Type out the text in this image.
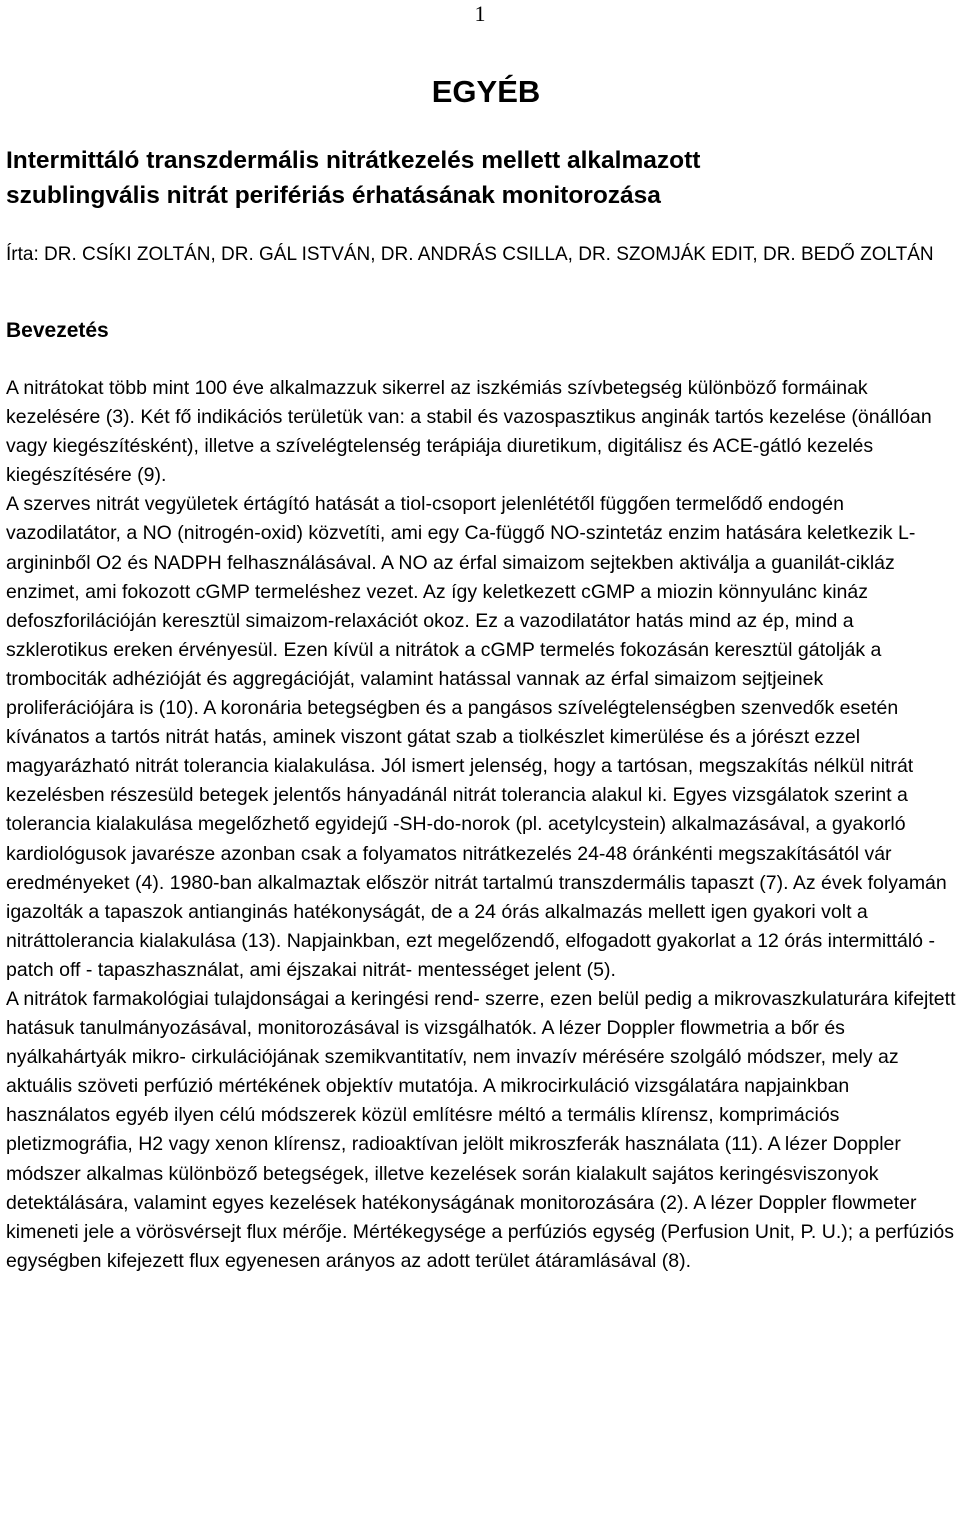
1
EGYÉB
Intermittáló transzdermális nitrátkezelés mellett alkalmazott
szublingvális nitrát perifériás érhatásának monitorozása
Írta: DR. CSÍKI ZOLTÁN, DR. GÁL ISTVÁN, DR. ANDRÁS CSILLA, DR. SZOMJÁK EDIT, DR. BEDŐ ZOLTÁN
Bevezetés

A nitrátokat több mint 100 éve alkalmazzuk sikerrel az iszkémiás szívbetegség különböző formáinak kezelésére (3). Két fő indikációs területük van: a stabil és vazospasztikus anginák tartós kezelése (önállóan vagy kiegészítésként), illetve a szívelégtelenség terápiája diuretikum, digitálisz és ACE-gátló kezelés kiegészítésére (9).

A szerves nitrát vegyületek értágító hatását a tiol-csoport jelenlététől függően termelődő endogén vazodilatátor, a NO (nitrogén-oxid) közvetíti, ami egy Ca-függő NO-szintetáz enzim hatására keletkezik L-argininből O2 és NADPH felhasználásával. A NO az érfal simaizom sejtekben aktiválja a guanilát-cikláz enzimet, ami fokozott cGMP termeléshez vezet. Az így keletkezett cGMP a miozin könnyulánc kináz defoszforilációján keresztül simaizom-relaxációt okoz. Ez a vazodilatátor hatás mind az ép, mind a szklerotikus ereken érvényesül. Ezen kívül a nitrátok a cGMP termelés fokozásán keresztül gátolják a trombociták adhézióját és aggregációját, valamint hatással vannak az érfal simaizom sejtjeinek proliferációjára is (10). A koronária betegségben és a pangásos szívelégtelenségben szenvedők esetén kívánatos a tartós nitrát hatás, aminek viszont gátat szab a tiolkészlet kimerülése és a jórészt ezzel magyarázható nitrát tolerancia kialakulása. Jól ismert jelenség, hogy a tartósan, megszakítás nélkül nitrát kezelésben részesüld betegek jelentős hányadánál nitrát tolerancia alakul ki. Egyes vizsgálatok szerint a tolerancia kialakulása megelőzhető egyidejű -SH-do-norok (pl. acetylcystein) alkalmazásával, a gyakorló kardiológusok javarésze azonban csak a folyamatos nitrátkezelés 24-48 óránkénti megszakításától vár eredményeket (4). 1980-ban alkalmaztak először nitrát tartalmú transzdermális tapaszt (7). Az évek folyamán igazolták a tapaszok antianginás hatékonyságát, de a 24 órás alkalmazás mellett igen gyakori volt a nitráttolerancia kialakulása (13). Napjainkban, ezt megelőzendő, elfogadott gyakorlat a 12 órás intermittáló - patch off - tapaszhasználat, ami éjszakai nitrát- mentességet jelent (5).

A nitrátok farmakológiai tulajdonságai a keringési rend- szerre, ezen belül pedig a mikrovaszkulaturára kifejtett hatásuk tanulmányozásával, monitorozásával is vizsgálhatók. A lézer Doppler flowmetria a bőr és nyálkahártyák mikro- cirkulációjának szemikvantitatív, nem invazív mérésére szolgáló módszer, mely az aktuális szöveti perfúzió mértékének objektív mutatója. A mikrocirkuláció vizsgálatára napjainkban használatos egyéb ilyen célú módszerek közül említésre méltó a termális klírensz, komprimációs pletizmográfia, H2 vagy xenon klírensz, radioaktívan jelölt mikroszferák használata (11). A lézer Doppler módszer alkalmas különböző betegségek, illetve kezelések során kialakult sajátos keringésviszonyok detektálására, valamint egyes kezelések hatékonyságának monitorozására (2). A lézer Doppler flowmeter kimeneti jele a vörösvérsejt flux mérője. Mértékegysége a perfúziós egység (Perfusion Unit, P. U.); a perfúziós egységben kifejezett flux egyenesen arányos az adott terület átáramlásával (8).
